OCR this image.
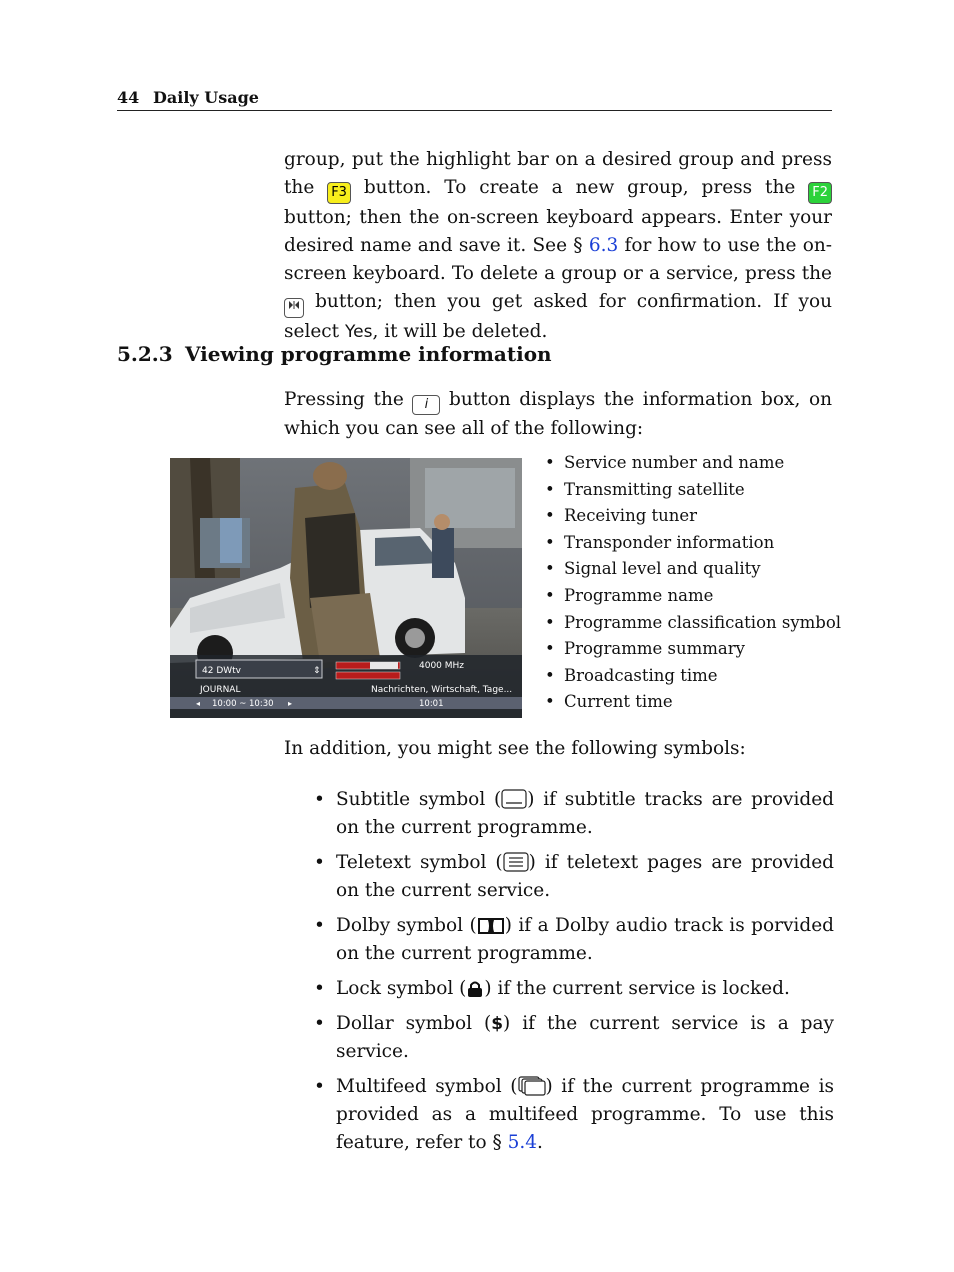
44 Daily Usage

group, put the highlight bar on a desired group and press the F3 button. To create a new group, press the F2 button; then the on-screen keyboard appears. Enter your desired name and save it. See § 6.3 for how to use the on-screen keyboard. To delete a group or a service, press the  button; then you get asked for confirmation. If you select Yes, it will be deleted.

5.2.3 Viewing programme information

Pressing the i button displays the information box, on which you can see all of the following:

42 DWtv	⇕	4000 MHz
JOURNAL	Nachrichten, Wirtschaft, Tage...
◂ 10:00 ~ 10:30 ▸	10:01
• Service number and name
• Transmitting satellite
• Receiving tuner
• Transponder information
• Signal level and quality
• Programme name
• Programme classification symbol
• Programme summary
• Broadcasting time
• Current time

In addition, you might see the following symbols:

• Subtitle symbol ( ) if subtitle tracks are provided on the current programme.
• Teletext symbol ( ) if teletext pages are provided on the current service.
• Dolby symbol ( ) if a Dolby audio track is porvided on the current programme.
• Lock symbol ( ) if the current service is locked.
• Dollar symbol ($) if the current service is a pay service.
• Multifeed symbol ( ) if the current programme is provided as a multifeed programme. To use this feature, refer to § 5.4.
